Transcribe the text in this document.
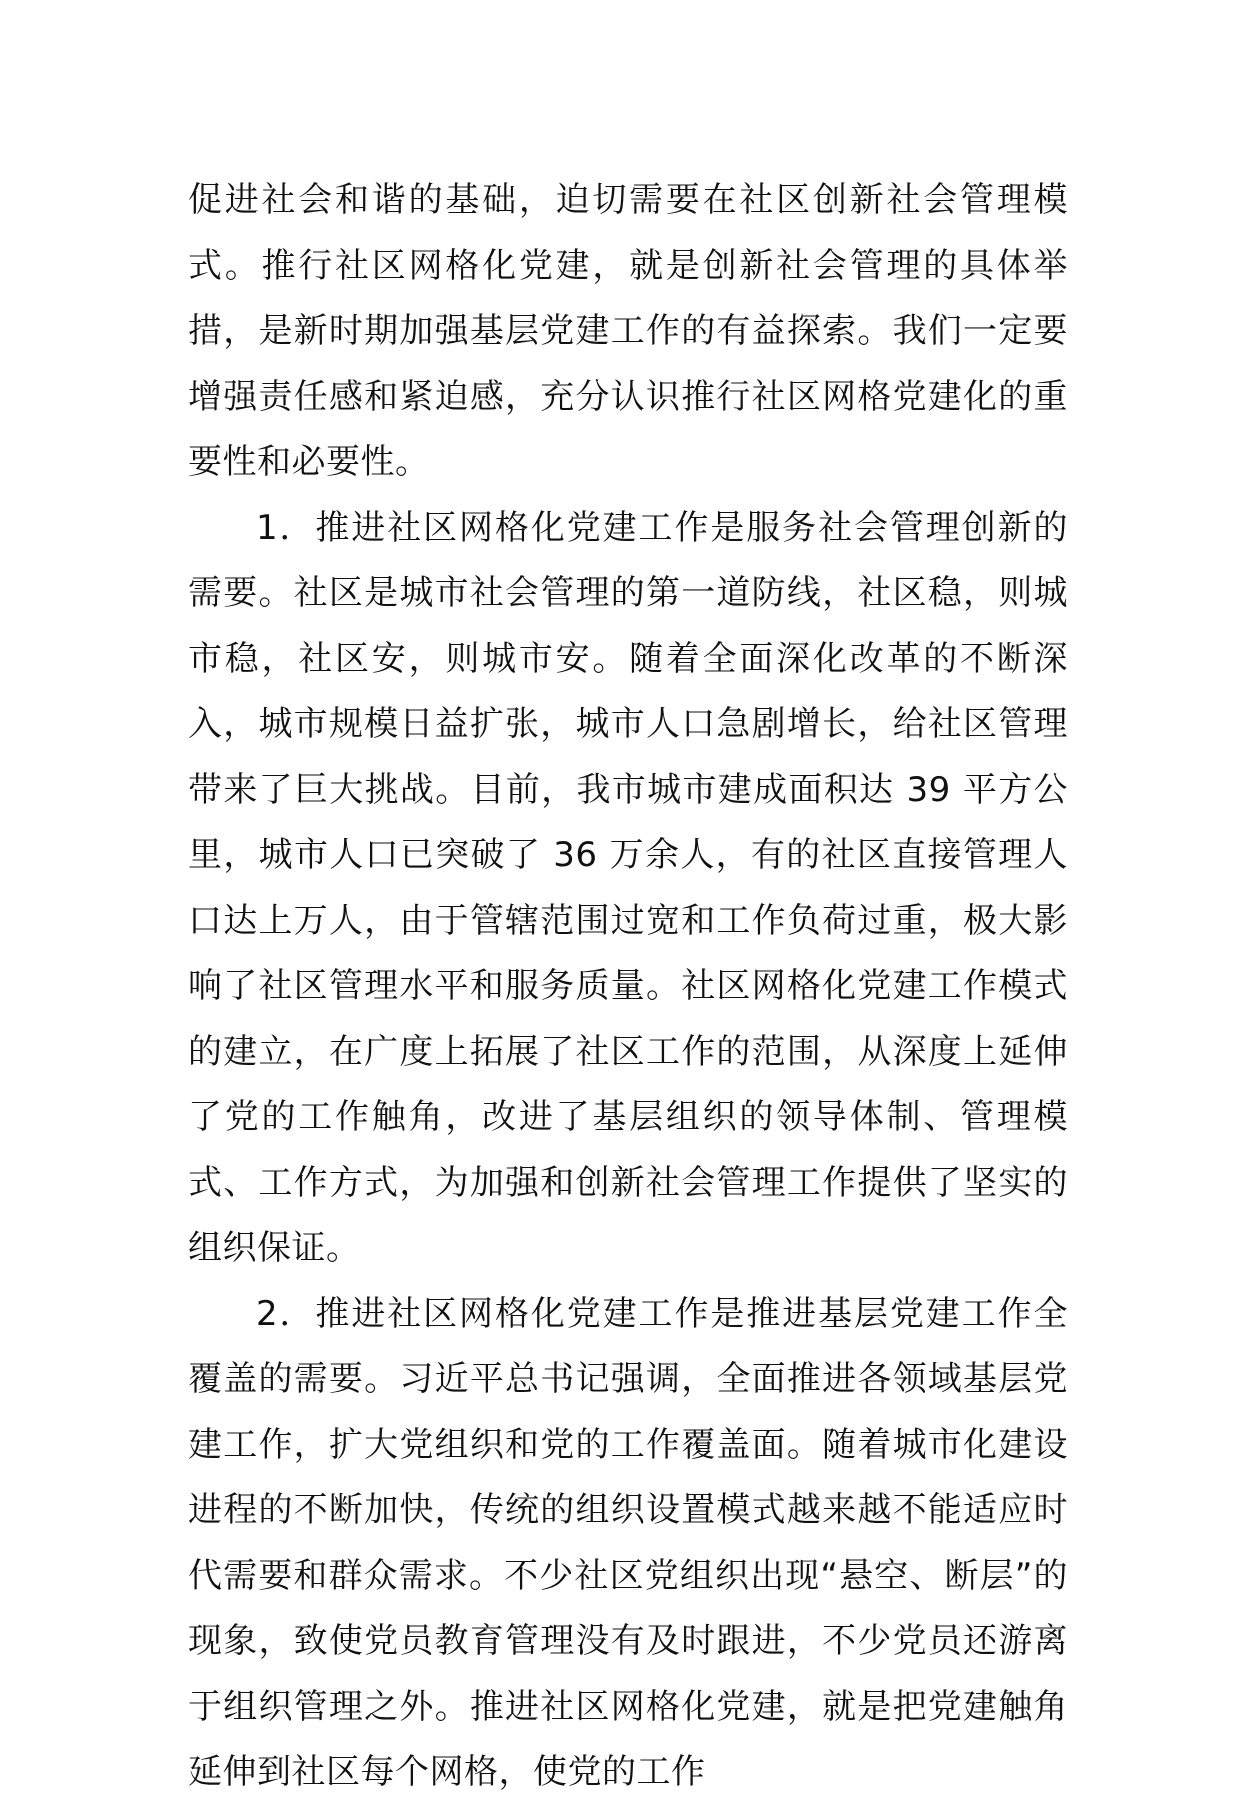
促进社会和谐的基础，迫切需要在社区创新社会管理模式。推行社区网格化党建，就是创新社会管理的具体举措，是新时期加强基层党建工作的有益探索。我们一定要增强责任感和紧迫感，充分认识推行社区网格党建化的重要性和必要性。

1．推进社区网格化党建工作是服务社会管理创新的需要。社区是城市社会管理的第一道防线，社区稳，则城市稳，社区安，则城市安。随着全面深化改革的不断深入，城市规模日益扩张，城市人口急剧增长，给社区管理带来了巨大挑战。目前，我市城市建成面积达 39 平方公里，城市人口已突破了 36 万余人，有的社区直接管理人口达上万人，由于管辖范围过宽和工作负荷过重，极大影响了社区管理水平和服务质量。社区网格化党建工作模式的建立，在广度上拓展了社区工作的范围，从深度上延伸了党的工作触角，改进了基层组织的领导体制、管理模式、工作方式，为加强和创新社会管理工作提供了坚实的组织保证。

2．推进社区网格化党建工作是推进基层党建工作全覆盖的需要。习近平总书记强调，全面推进各领域基层党建工作，扩大党组织和党的工作覆盖面。随着城市化建设进程的不断加快，传统的组织设置模式越来越不能适应时代需要和群众需求。不少社区党组织出现“悬空、断层”的现象，致使党员教育管理没有及时跟进，不少党员还游离于组织管理之外。推进社区网格化党建，就是把党建触角延伸到社区每个网格，使党的工作
